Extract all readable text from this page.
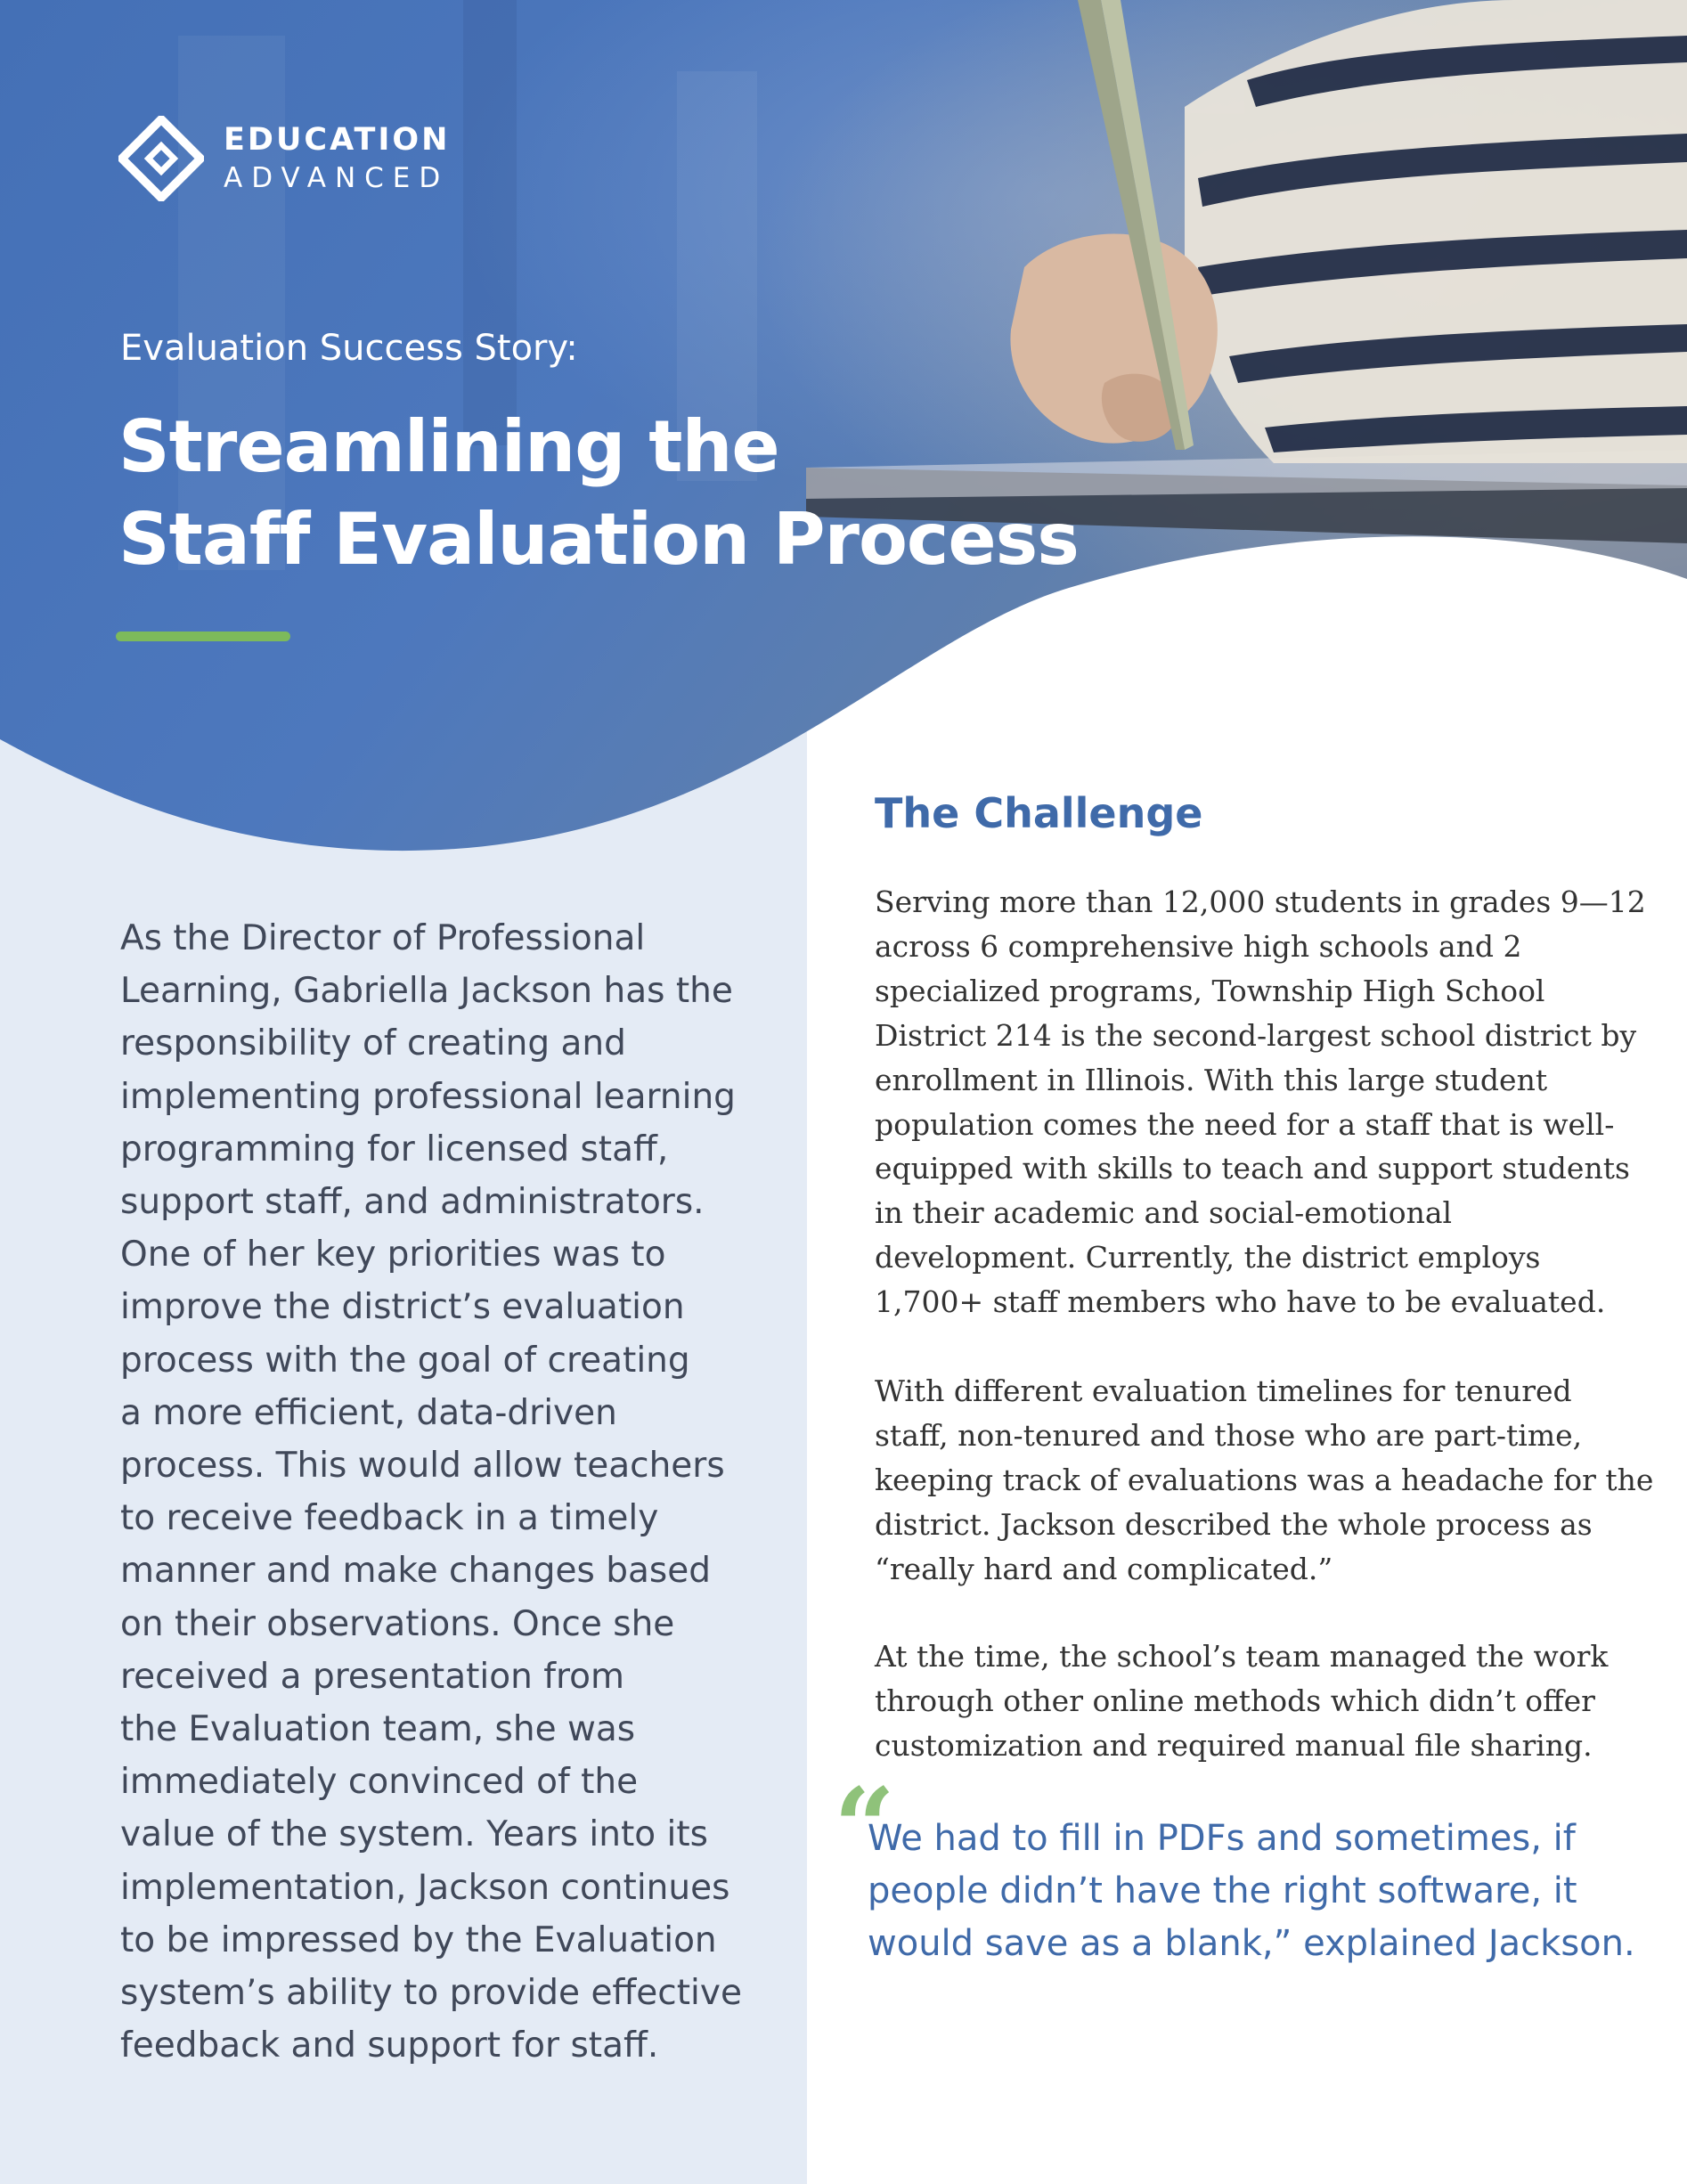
EDUCATION
ADVANCED

Evaluation Success Story:

Streamlining the
Staff Evaluation Process

As the Director of Professional
Learning, Gabriella Jackson has the
responsibility of creating and
implementing professional learning
programming for licensed staff,
support staff, and administrators.
One of her key priorities was to
improve the district’s evaluation
process with the goal of creating
a more efficient, data-driven
process. This would allow teachers
to receive feedback in a timely
manner and make changes based
on their observations. Once she
received a presentation from
the Evaluation team, she was
immediately convinced of the
value of the system. Years into its
implementation, Jackson continues
to be impressed by the Evaluation
system’s ability to provide effective
feedback and support for staff.

The Challenge

Serving more than 12,000 students in grades 9—12
across 6 comprehensive high schools and 2
specialized programs, Township High School
District 214 is the second-largest school district by
enrollment in Illinois. With this large student
population comes the need for a staff that is well-
equipped with skills to teach and support students
in their academic and social-emotional
development. Currently, the district employs
1,700+ staff members who have to be evaluated.

With different evaluation timelines for tenured
staff, non-tenured and those who are part-time,
keeping track of evaluations was a headache for the
district. Jackson described the whole process as
“really hard and complicated.”

At the time, the school’s team managed the work
through other online methods which didn’t offer
customization and required manual file sharing.

“
We had to fill in PDFs and sometimes, if
people didn’t have the right software, it
would save as a blank,” explained Jackson.
